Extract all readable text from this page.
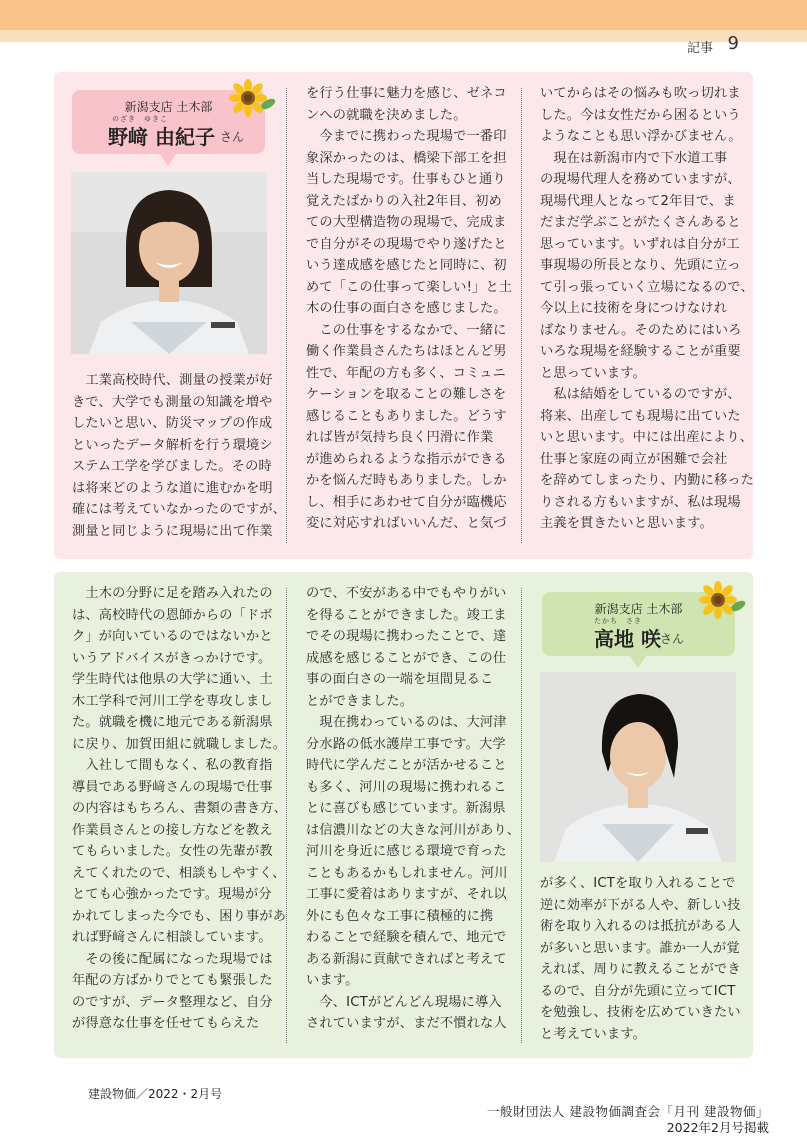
記事 9
新潟支店 土木部
のざき　ゆきこ
野﨑 由紀子 さん
　工業高校時代、測量の授業が好
きで、大学でも測量の知識を増や
したいと思い、防災マップの作成
といったデータ解析を行う環境シ
ステム工学を学びました。その時
は将来どのような道に進むかを明
確には考えていなかったのですが、
測量と同じように現場に出て作業
を行う仕事に魅力を感じ、ゼネコ
ンへの就職を決めました。
　今までに携わった現場で一番印
象深かったのは、橋梁下部工を担
当した現場です。仕事もひと通り
覚えたばかりの入社2年目、初め
ての大型構造物の現場で、完成ま
で自分がその現場でやり遂げたと
いう達成感を感じたと同時に、初
めて「この仕事って楽しい!」と土
木の仕事の面白さを感じました。
　この仕事をするなかで、一緒に
働く作業員さんたちはほとんど男
性で、年配の方も多く、コミュニ
ケーションを取ることの難しさを
感じることもありました。どうす
れば皆が気持ち良く円滑に作業
が進められるような指示ができる
かを悩んだ時もありました。しか
し、相手にあわせて自分が臨機応
変に対応すればいいんだ、と気づ
いてからはその悩みも吹っ切れま
した。今は女性だから困るという
ようなことも思い浮かびません。
　現在は新潟市内で下水道工事
の現場代理人を務めていますが、
現場代理人となって2年目で、ま
だまだ学ぶことがたくさんあると
思っています。いずれは自分が工
事現場の所長となり、先頭に立っ
て引っ張っていく立場になるので、
今以上に技術を身につけなけれ
ばなりません。そのためにはいろ
いろな現場を経験することが重要
と思っています。
　私は結婚をしているのですが、
将来、出産しても現場に出ていた
いと思います。中には出産により、
仕事と家庭の両立が困難で会社
を辞めてしまったり、内勤に移った
りされる方もいますが、私は現場
主義を貫きたいと思います。
　土木の分野に足を踏み入れたの
は、高校時代の恩師からの「ドボ
ク」が向いているのではないかと
いうアドバイスがきっかけです。
学生時代は他県の大学に通い、土
木工学科で河川工学を専攻しまし
た。就職を機に地元である新潟県
に戻り、加賀田組に就職しました。
　入社して間もなく、私の教育指
導員である野﨑さんの現場で仕事
の内容はもちろん、書類の書き方、
作業員さんとの接し方などを教え
てもらいました。女性の先輩が教
えてくれたので、相談もしやすく、
とても心強かったです。現場が分
かれてしまった今でも、困り事があ
れば野﨑さんに相談しています。
　その後に配属になった現場では
年配の方ばかりでとても緊張した
のですが、データ整理など、自分
が得意な仕事を任せてもらえた
ので、不安がある中でもやりがい
を得ることができました。竣工ま
でその現場に携わったことで、達
成感を感じることができ、この仕
事の面白さの一端を垣間見るこ
とができました。
　現在携わっているのは、大河津
分水路の低水護岸工事です。大学
時代に学んだことが活かせること
も多く、河川の現場に携われるこ
とに喜びも感じています。新潟県
は信濃川などの大きな河川があり、
河川を身近に感じる環境で育った
こともあるかもしれません。河川
工事に愛着はありますが、それ以
外にも色々な工事に積極的に携
わることで経験を積んで、地元で
ある新潟に貢献できればと考えて
います。
　今、ICTがどんどん現場に導入
されていますが、まだ不慣れな人
新潟支店 土木部
たかち　さき
高地 咲 さん
が多く、ICTを取り入れることで
逆に効率が下がる人や、新しい技
術を取り入れるのは抵抗がある人
が多いと思います。誰か一人が覚
えれば、周りに教えることができ
るので、自分が先頭に立ってICT
を勉強し、技術を広めていきたい
と考えています。
建設物価／2022・2月号
一般財団法人 建設物価調査会「月刊 建設物価」
2022年2月号掲載
